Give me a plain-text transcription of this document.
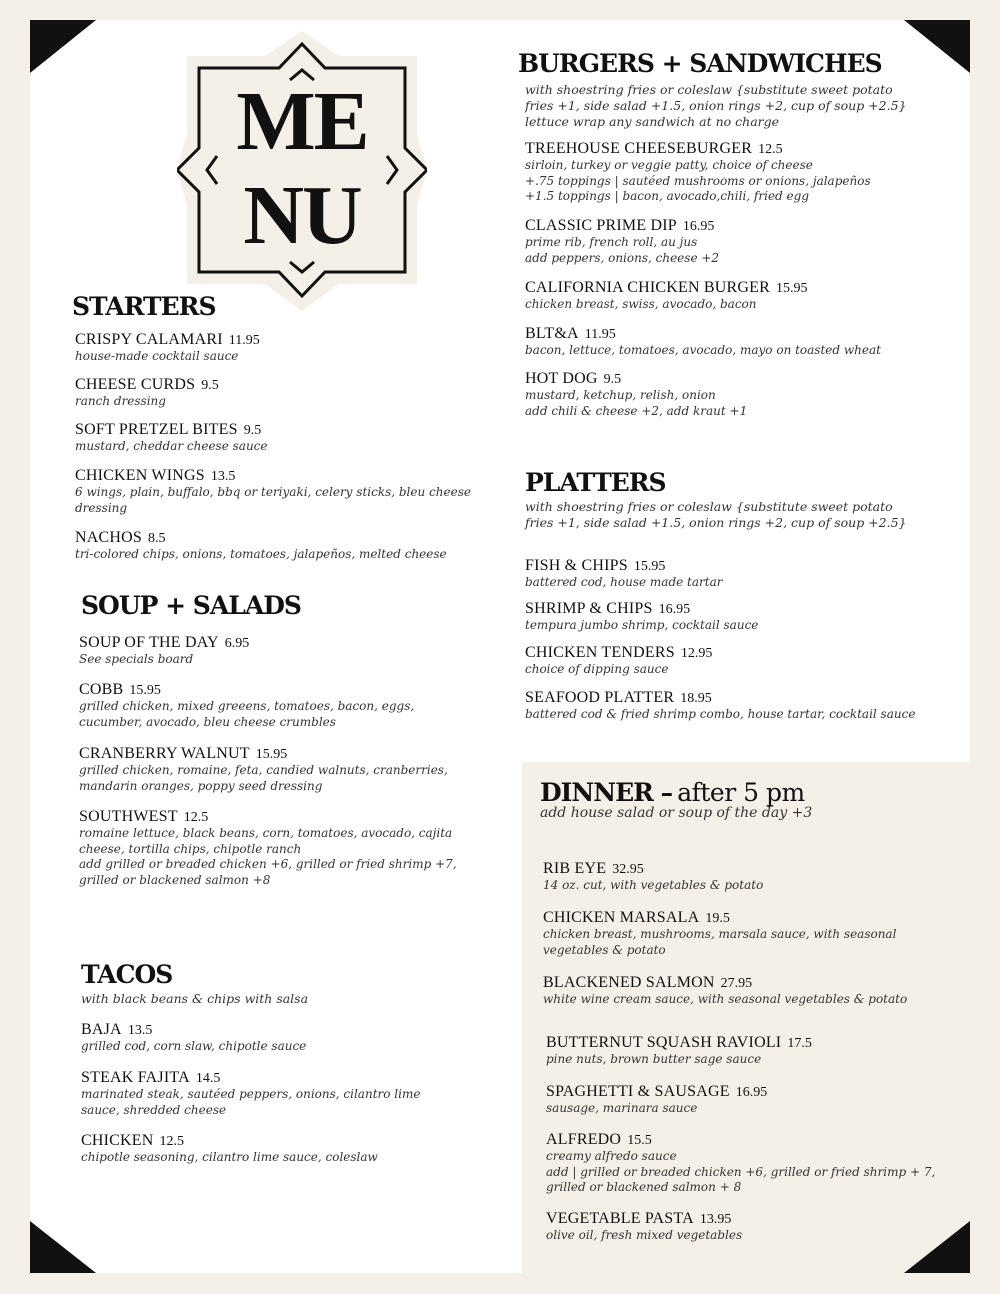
ME
NU
STARTERS
CRISPY CALAMARI 11.95
house-made cocktail sauce
CHEESE CURDS 9.5
ranch dressing
SOFT PRETZEL BITES 9.5
mustard, cheddar cheese sauce
CHICKEN WINGS 13.5
6 wings, plain, buffalo, bbq or teriyaki, celery sticks, bleu cheese dressing
NACHOS 8.5
tri-colored chips, onions, tomatoes, jalapeños, melted cheese
SOUP + SALADS
SOUP OF THE DAY 6.95
See specials board
COBB 15.95
grilled chicken, mixed greeens, tomatoes, bacon, eggs, cucumber, avocado, bleu cheese crumbles
CRANBERRY WALNUT 15.95
grilled chicken, romaine, feta, candied walnuts, cranberries, mandarin oranges, poppy seed dressing
SOUTHWEST 12.5
romaine lettuce, black beans, corn, tomatoes, avocado, cajita cheese, tortilla chips, chipotle ranch
add grilled or breaded chicken +6, grilled or fried shrimp +7, grilled or blackened salmon +8
TACOS

with black beans & chips with salsa

BAJA 13.5
grilled cod, corn slaw, chipotle sauce
STEAK FAJITA 14.5
marinated steak, sautéed peppers, onions, cilantro lime sauce, shredded cheese
CHICKEN 12.5
chipotle seasoning, cilantro lime sauce, coleslaw
BURGERS + SANDWICHES

with shoestring fries or coleslaw {substitute sweet potato fries +1, side salad +1.5, onion rings +2, cup of soup +2.5} lettuce wrap any sandwich at no charge

TREEHOUSE CHEESEBURGER 12.5
sirloin, turkey or veggie patty, choice of cheese
+.75 toppings | sautéed mushrooms or onions, jalapeños
+1.5 toppings | bacon, avocado,chili, fried egg
CLASSIC PRIME DIP 16.95
prime rib, french roll, au jus
add peppers, onions, cheese +2
CALIFORNIA CHICKEN BURGER 15.95
chicken breast, swiss, avocado, bacon
BLT&A 11.95
bacon, lettuce, tomatoes, avocado, mayo on toasted wheat
HOT DOG 9.5
mustard, ketchup, relish, onion
add chili & cheese +2, add kraut +1
PLATTERS

with shoestring fries or coleslaw {substitute sweet potato fries +1, side salad +1.5, onion rings +2, cup of soup +2.5}

FISH & CHIPS 15.95
battered cod, house made tartar
SHRIMP & CHIPS 16.95
tempura jumbo shrimp, cocktail sauce
CHICKEN TENDERS 12.95
choice of dipping sauce
SEAFOOD PLATTER 18.95
battered cod & fried shrimp combo, house tartar, cocktail sauce
DINNER – after 5 pm

add house salad or soup of the day +3

RIB EYE 32.95
14 oz. cut, with vegetables & potato
CHICKEN MARSALA 19.5
chicken breast, mushrooms, marsala sauce, with seasonal vegetables & potato
BLACKENED SALMON 27.95
white wine cream sauce, with seasonal vegetables & potato
BUTTERNUT SQUASH RAVIOLI 17.5
pine nuts, brown butter sage sauce
SPAGHETTI & SAUSAGE 16.95
sausage, marinara sauce
ALFREDO 15.5
creamy alfredo sauce
add | grilled or breaded chicken +6, grilled or fried shrimp + 7, grilled or blackened salmon + 8
VEGETABLE PASTA 13.95
olive oil, fresh mixed vegetables
